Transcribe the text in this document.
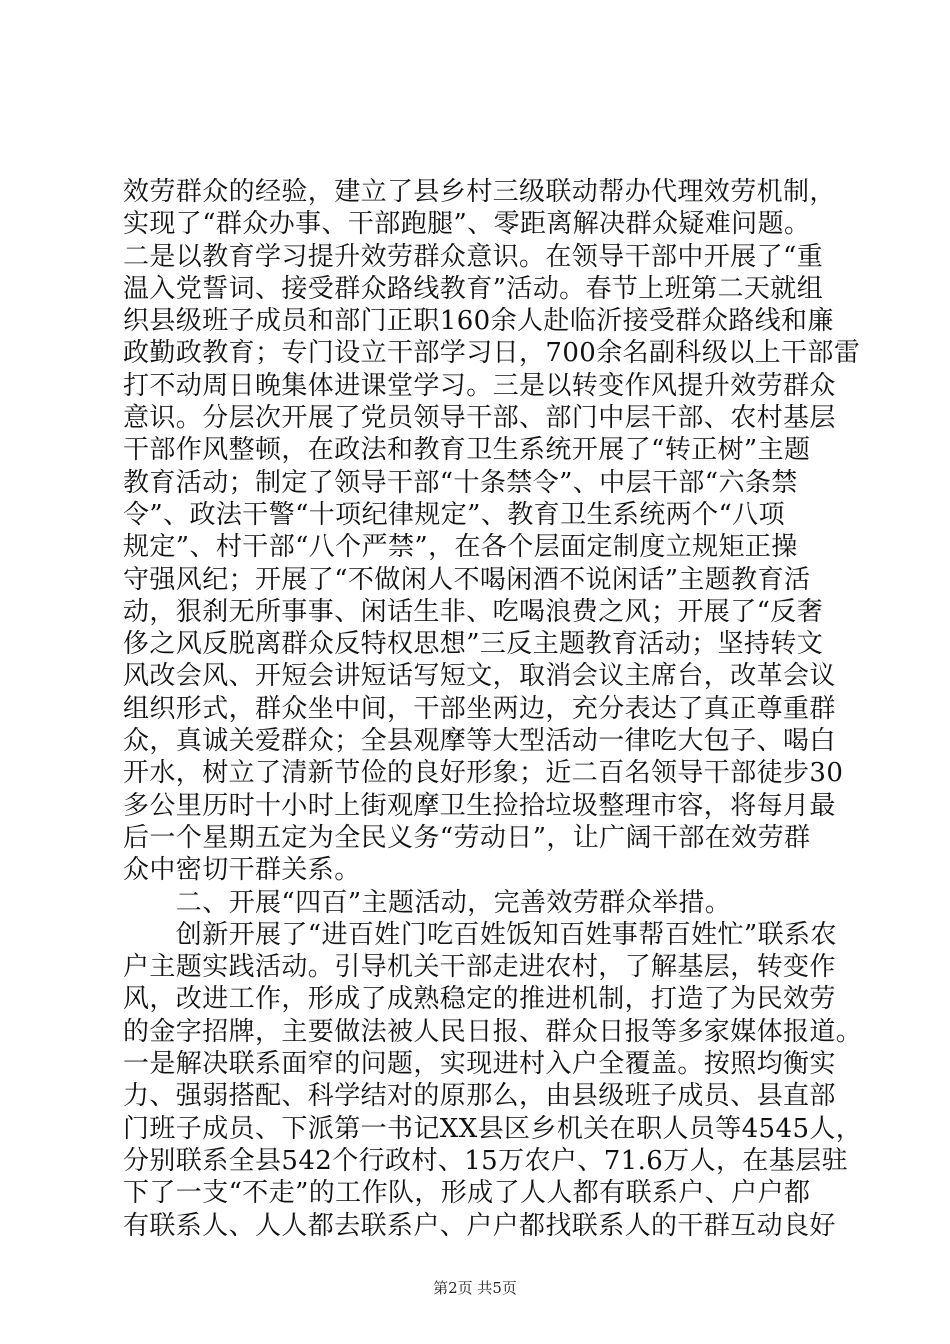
效劳群众的经验，建立了县乡村三级联动帮办代理效劳机制，
实现了“群众办事、干部跑腿”、零距离解决群众疑难问题。
二是以教育学习提升效劳群众意识。在领导干部中开展了“重
温入党誓词、接受群众路线教育”活动。春节上班第二天就组
织县级班子成员和部门正职160余人赴临沂接受群众路线和廉
政勤政教育；专门设立干部学习日，700余名副科级以上干部雷
打不动周日晚集体进课堂学习。三是以转变作风提升效劳群众
意识。分层次开展了党员领导干部、部门中层干部、农村基层
干部作风整顿，在政法和教育卫生系统开展了“转正树”主题
教育活动；制定了领导干部“十条禁令”、中层干部“六条禁
令”、政法干警“十项纪律规定”、教育卫生系统两个“八项
规定”、村干部“八个严禁”，在各个层面定制度立规矩正操
守强风纪；开展了“不做闲人不喝闲酒不说闲话”主题教育活
动，狠刹无所事事、闲话生非、吃喝浪费之风；开展了“反奢
侈之风反脱离群众反特权思想”三反主题教育活动；坚持转文
风改会风、开短会讲短话写短文，取消会议主席台，改革会议
组织形式，群众坐中间，干部坐两边，充分表达了真正尊重群
众，真诚关爱群众；全县观摩等大型活动一律吃大包子、喝白
开水，树立了清新节俭的良好形象；近二百名领导干部徒步30
多公里历时十小时上街观摩卫生捡拾垃圾整理市容，将每月最
后一个星期五定为全民义务“劳动日”，让广阔干部在效劳群
众中密切干群关系。
　　二、开展“四百”主题活动，完善效劳群众举措。
　　创新开展了“进百姓门吃百姓饭知百姓事帮百姓忙”联系农
户主题实践活动。引导机关干部走进农村，了解基层，转变作
风，改进工作，形成了成熟稳定的推进机制，打造了为民效劳
的金字招牌，主要做法被人民日报、群众日报等多家媒体报道。
一是解决联系面窄的问题，实现进村入户全覆盖。按照均衡实
力、强弱搭配、科学结对的原那么，由县级班子成员、县直部
门班子成员、下派第一书记XX县区乡机关在职人员等4545人，
分别联系全县542个行政村、15万农户、71.6万人，在基层驻
下了一支“不走”的工作队，形成了人人都有联系户、户户都
有联系人、人人都去联系户、户户都找联系人的干群互动良好
第2页 共5页
